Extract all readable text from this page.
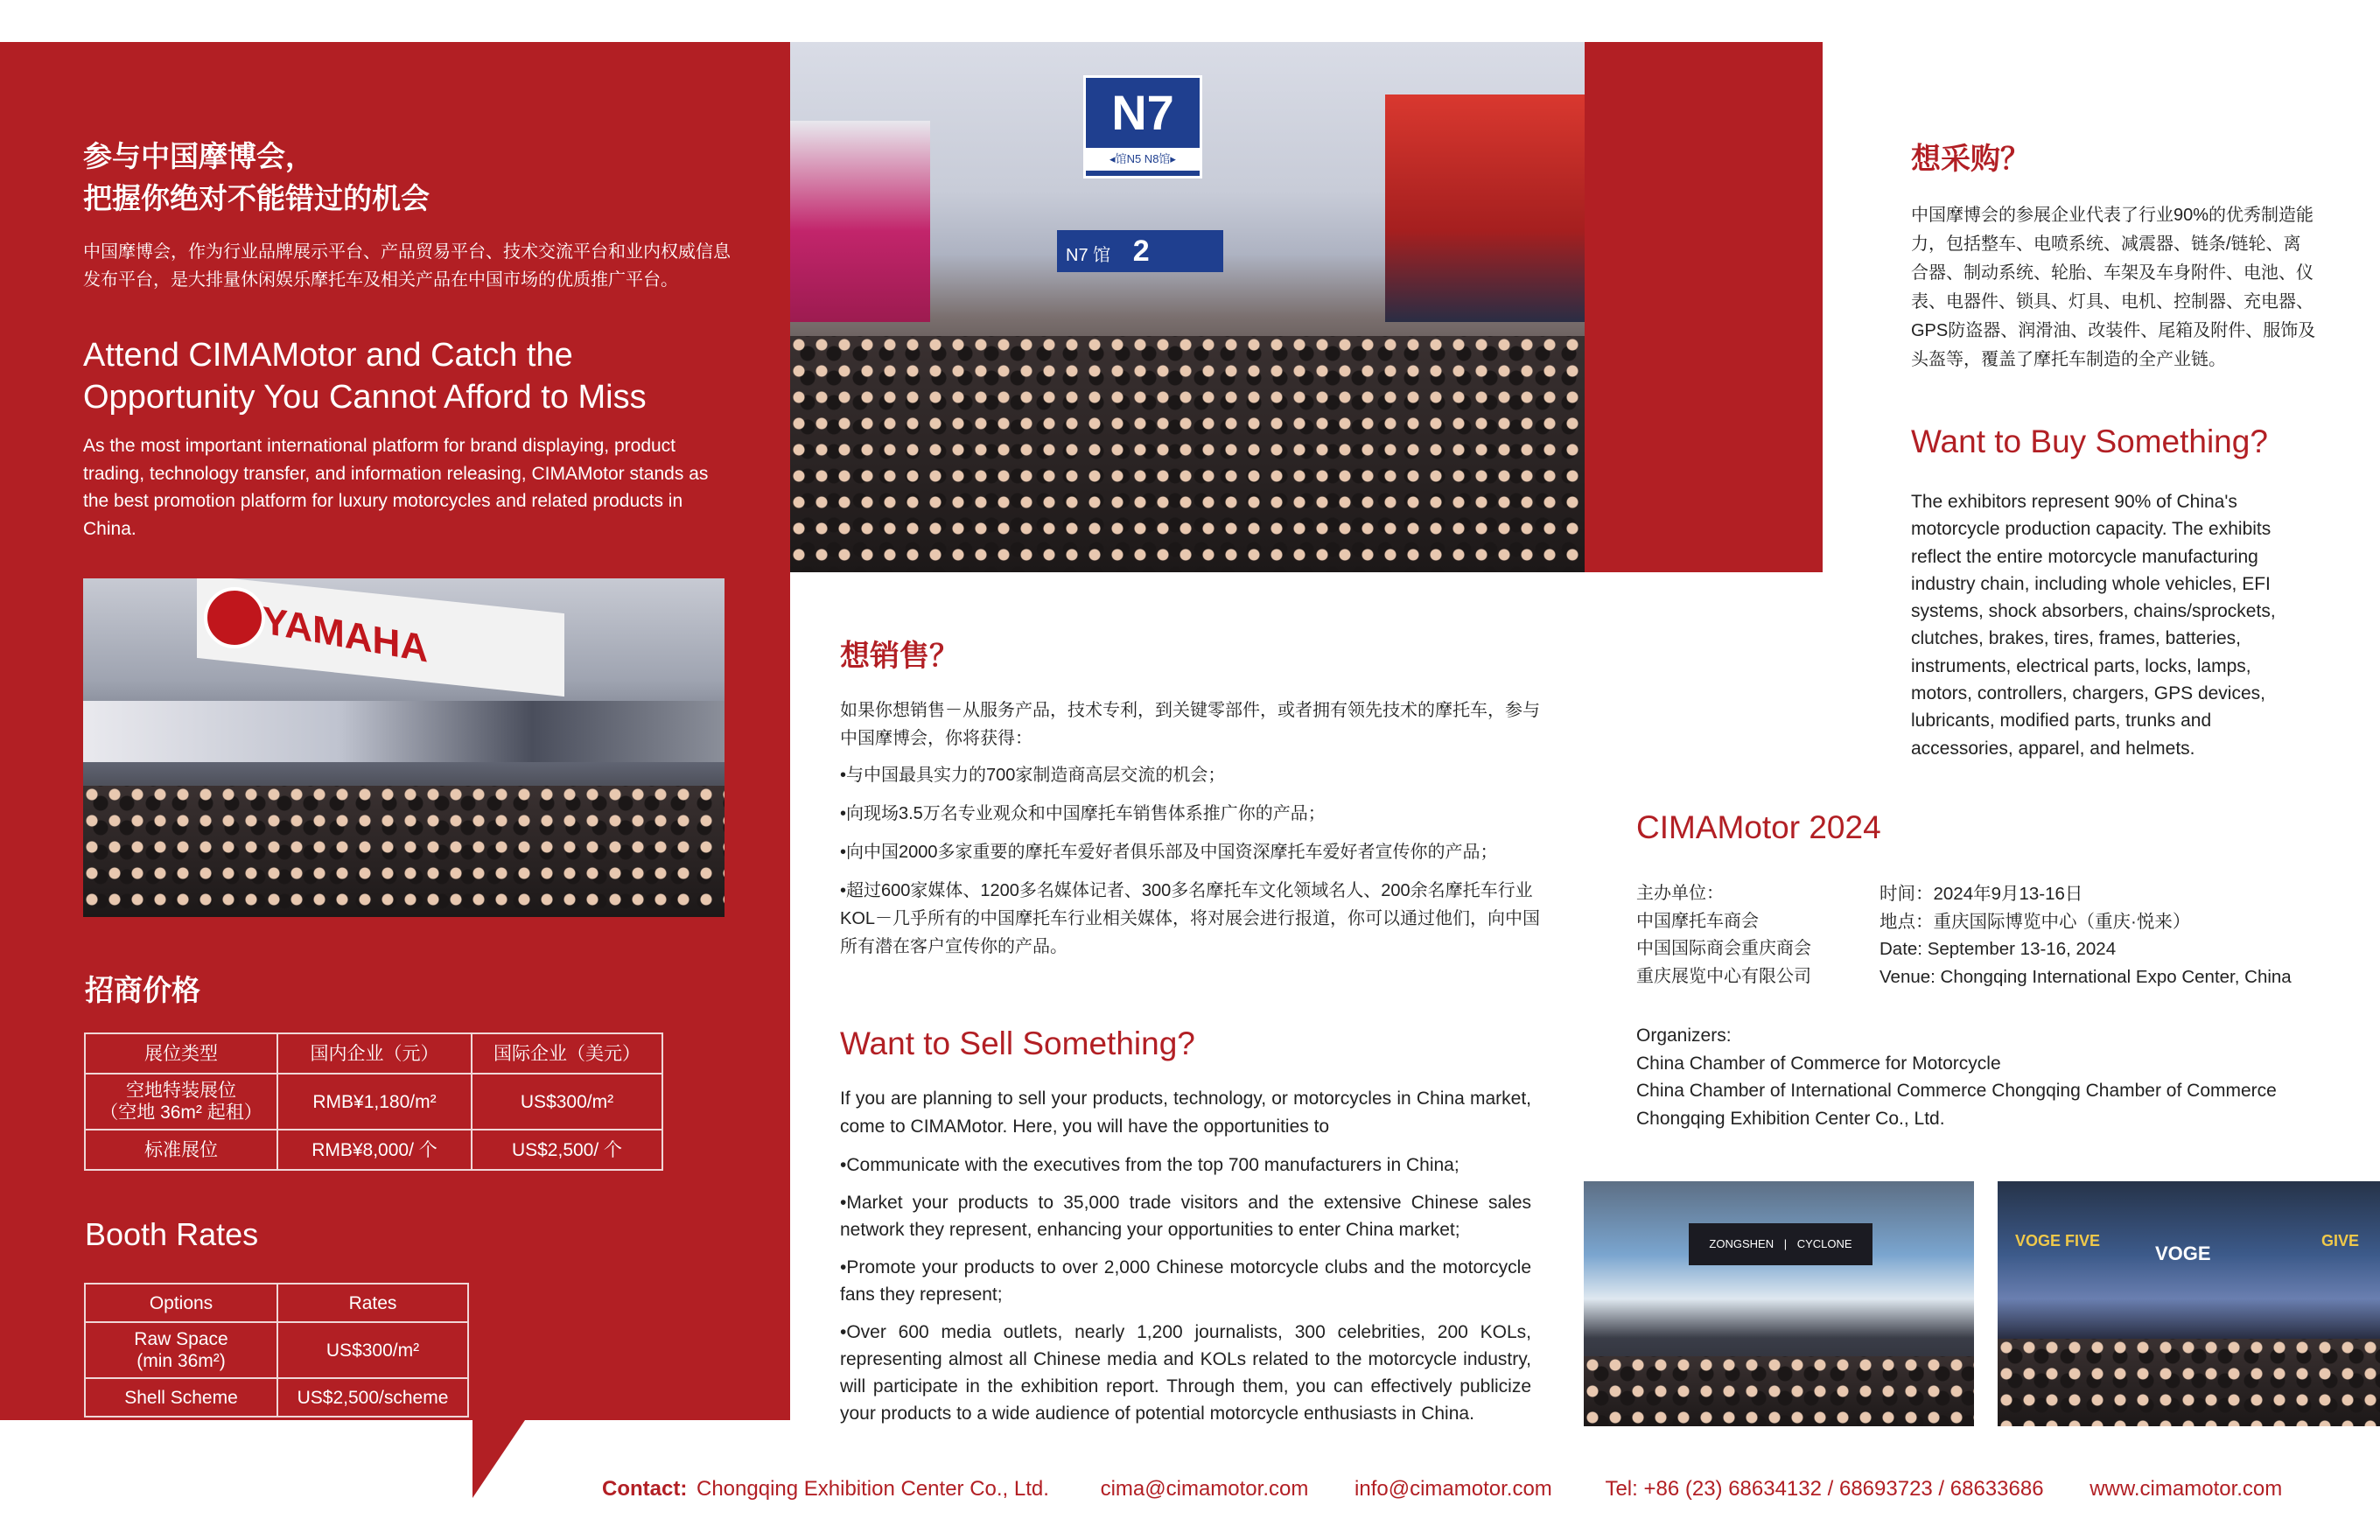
参与中国摩博会，
把握你绝对不能错过的机会
中国摩博会，作为行业品牌展示平台、产品贸易平台、技术交流平台和业内权威信息发布平台，是大排量休闲娱乐摩托车及相关产品在中国市场的优质推广平台。
Attend CIMAMotor and Catch the
Opportunity You Cannot Afford to Miss
As the most important international platform for brand displaying, product trading, technology transfer, and information releasing, CIMAMotor stands as the best promotion platform for luxury motorcycles and related products in China.
YAMAHA
招商价格
展位类型	国内企业（元）	国际企业（美元）

空地特装展位
（空地 36m² 起租）	RMB¥1,180/m²	US$300/m²
标准展位	RMB¥8,000/ 个	US$2,500/ 个
Booth Rates
Options	Rates

Raw Space
(min 36m²)	US$300/m²
Shell Scheme	US$2,500/scheme
N7
◂馆N5 N8馆▸
N7 馆 2
想销售？
如果你想销售－从服务产品，技术专利，到关键零部件，或者拥有领先技术的摩托车，参与中国摩博会，你将获得：
•与中国最具实力的700家制造商高层交流的机会；
•向现场3.5万名专业观众和中国摩托车销售体系推广你的产品；
•向中国2000多家重要的摩托车爱好者俱乐部及中国资深摩托车爱好者宣传你的产品；
•超过600家媒体、1200多名媒体记者、300多名摩托车文化领域名人、200余名摩托车行业KOL－几乎所有的中国摩托车行业相关媒体，将对展会进行报道，你可以通过他们，向中国所有潜在客户宣传你的产品。
Want to Sell Something?
If you are planning to sell your products, technology, or motorcycles in China market, come to CIMAMotor. Here, you will have the opportunities to
•Communicate with the executives from the top 700 manufacturers in China;
•Market your products to 35,000 trade visitors and the extensive Chinese sales network they represent, enhancing your opportunities to enter China market;
•Promote your products to over 2,000 Chinese motorcycle clubs and the motorcycle fans they represent;
•Over 600 media outlets, nearly 1,200 journalists, 300 celebrities, 200 KOLs, representing almost all Chinese media and KOLs related to the motorcycle industry, will participate in the exhibition report. Through them, you can effectively publicize your products to a wide audience of potential motorcycle enthusiasts in China.
想采购？
中国摩博会的参展企业代表了行业90%的优秀制造能力，包括整车、电喷系统、减震器、链条/链轮、离合器、制动系统、轮胎、车架及车身附件、电池、仪表、电器件、锁具、灯具、电机、控制器、充电器、GPS防盗器、润滑油、改装件、尾箱及附件、服饰及头盔等，覆盖了摩托车制造的全产业链。
Want to Buy Something?
The exhibitors represent 90% of China's motorcycle production capacity. The exhibits reflect the entire motorcycle manufacturing industry chain, including whole vehicles, EFI systems, shock absorbers, chains/sprockets, clutches, brakes, tires, frames, batteries, instruments, electrical parts, locks, lamps, motors, controllers, chargers, GPS devices, lubricants, modified parts, trunks and accessories, apparel, and helmets.
CIMAMotor 2024
主办单位：
中国摩托车商会
中国国际商会重庆商会
重庆展览中心有限公司
时间：2024年9月13-16日
地点：重庆国际博览中心（重庆·悦来）
Date: September 13-16, 2024
Venue: Chongqing International Expo Center, China
Organizers:
China Chamber of Commerce for Motorcycle
China Chamber of International Commerce Chongqing Chamber of Commerce
Chongqing Exhibition Center Co., Ltd.
ZONGSHEN | CYCLONE	VOGE FIVE
VOGE
GIVE
Contact: Chongqing Exhibition Center Co., Ltd. cima@cimamotor.com info@cimamotor.com	Tel: +86 (23) 68634132 / 68693723 / 68633686 www.cimamotor.com
